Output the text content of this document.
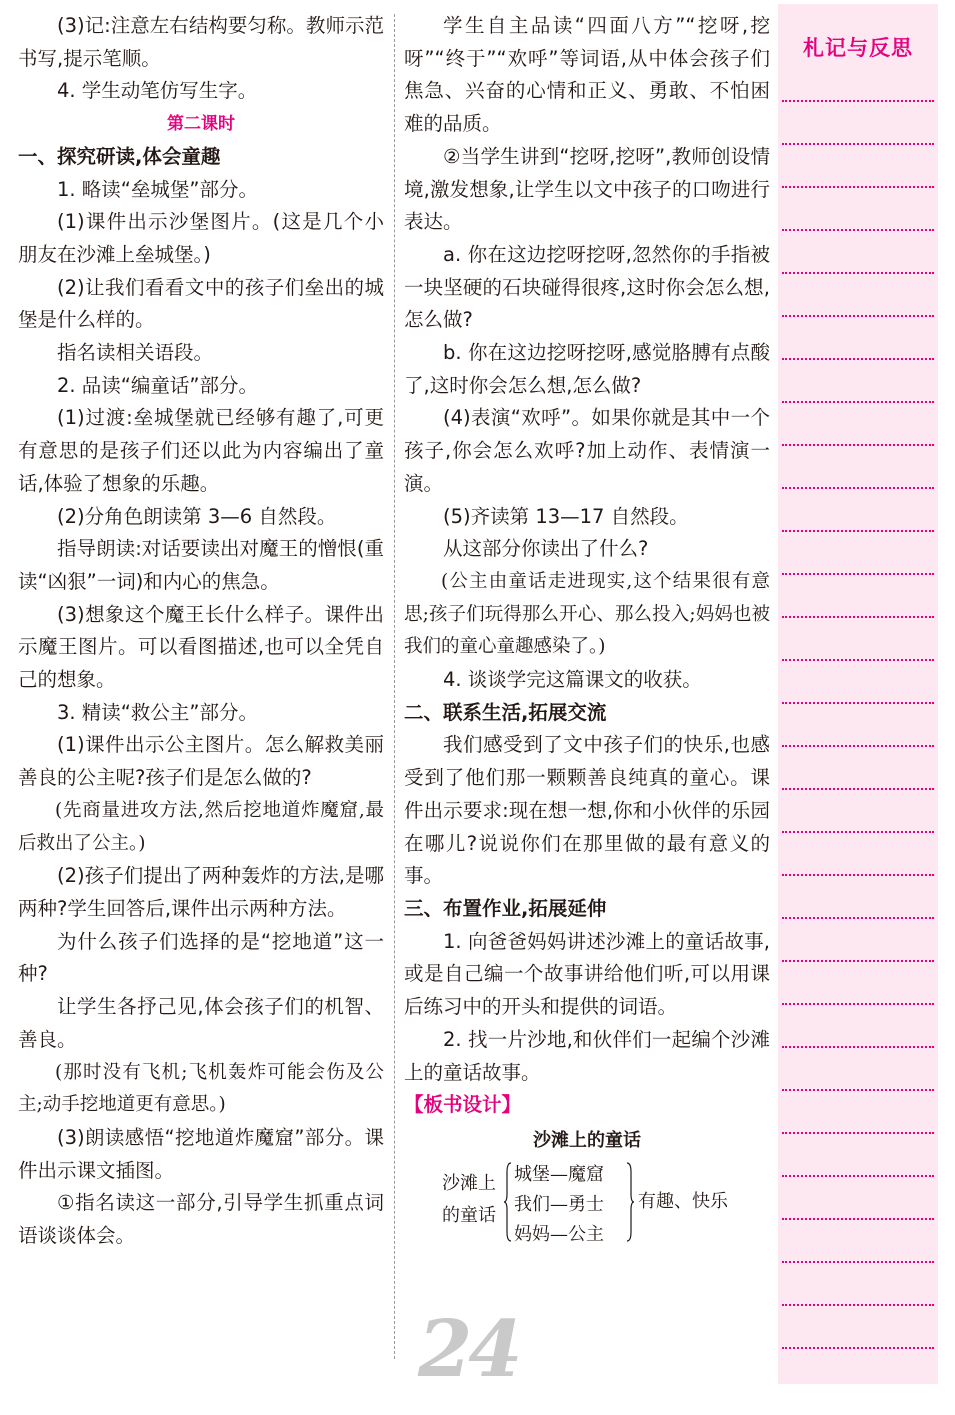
(3)记:注意左右结构要匀称。教师示范书写,提示笔顺。

4. 学生动笔仿写生字。

第二课时

一、探究研读,体会童趣

1. 略读“垒城堡”部分。

(1)课件出示沙堡图片。(这是几个小朋友在沙滩上垒城堡。)

(2)让我们看看文中的孩子们垒出的城堡是什么样的。

指名读相关语段。

2. 品读“编童话”部分。

(1)过渡:垒城堡就已经够有趣了,可更有意思的是孩子们还以此为内容编出了童话,体验了想象的乐趣。

(2)分角色朗读第 3—6 自然段。

指导朗读:对话要读出对魔王的憎恨(重读“凶狠”一词)和内心的焦急。

(3)想象这个魔王长什么样子。课件出示魔王图片。可以看图描述,也可以全凭自己的想象。

3. 精读“救公主”部分。

(1)课件出示公主图片。怎么解救美丽善良的公主呢?孩子们是怎么做的?

(先商量进攻方法,然后挖地道炸魔窟,最后救出了公主。)

(2)孩子们提出了两种轰炸的方法,是哪两种?学生回答后,课件出示两种方法。

为什么孩子们选择的是“挖地道”这一种?

让学生各抒己见,体会孩子们的机智、善良。

(那时没有飞机;飞机轰炸可能会伤及公主;动手挖地道更有意思。)

(3)朗读感悟“挖地道炸魔窟”部分。课件出示课文插图。

①指名读这一部分,引导学生抓重点词语谈谈体会。

学生自主品读“四面八方”“挖呀,挖呀”“终于”“欢呼”等词语,从中体会孩子们焦急、兴奋的心情和正义、勇敢、不怕困难的品质。

②当学生讲到“挖呀,挖呀”,教师创设情境,激发想象,让学生以文中孩子的口吻进行表达。

a. 你在这边挖呀挖呀,忽然你的手指被一块坚硬的石块碰得很疼,这时你会怎么想,怎么做?

b. 你在这边挖呀挖呀,感觉胳膊有点酸了,这时你会怎么想,怎么做?

(4)表演“欢呼”。如果你就是其中一个孩子,你会怎么欢呼?加上动作、表情演一演。

(5)齐读第 13—17 自然段。

从这部分你读出了什么?

(公主由童话走进现实,这个结果很有意思;孩子们玩得那么开心、那么投入;妈妈也被我们的童心童趣感染了。)

4. 谈谈学完这篇课文的收获。

二、联系生活,拓展交流

我们感受到了文中孩子们的快乐,也感受到了他们那一颗颗善良纯真的童心。课件出示要求:现在想一想,你和小伙伴的乐园在哪儿?说说你们在那里做的最有意义的事。

三、布置作业,拓展延伸

1. 向爸爸妈妈讲述沙滩上的童话故事,或是自己编一个故事讲给他们听,可以用课后练习中的开头和提供的词语。

2. 找一片沙地,和伙伴们一起编个沙滩上的童话故事。

【板书设计】

沙滩上的童话

沙滩上
的童话
城堡—魔窟
我们—勇士
妈妈—公主
有趣、快乐
24
札记与反思
